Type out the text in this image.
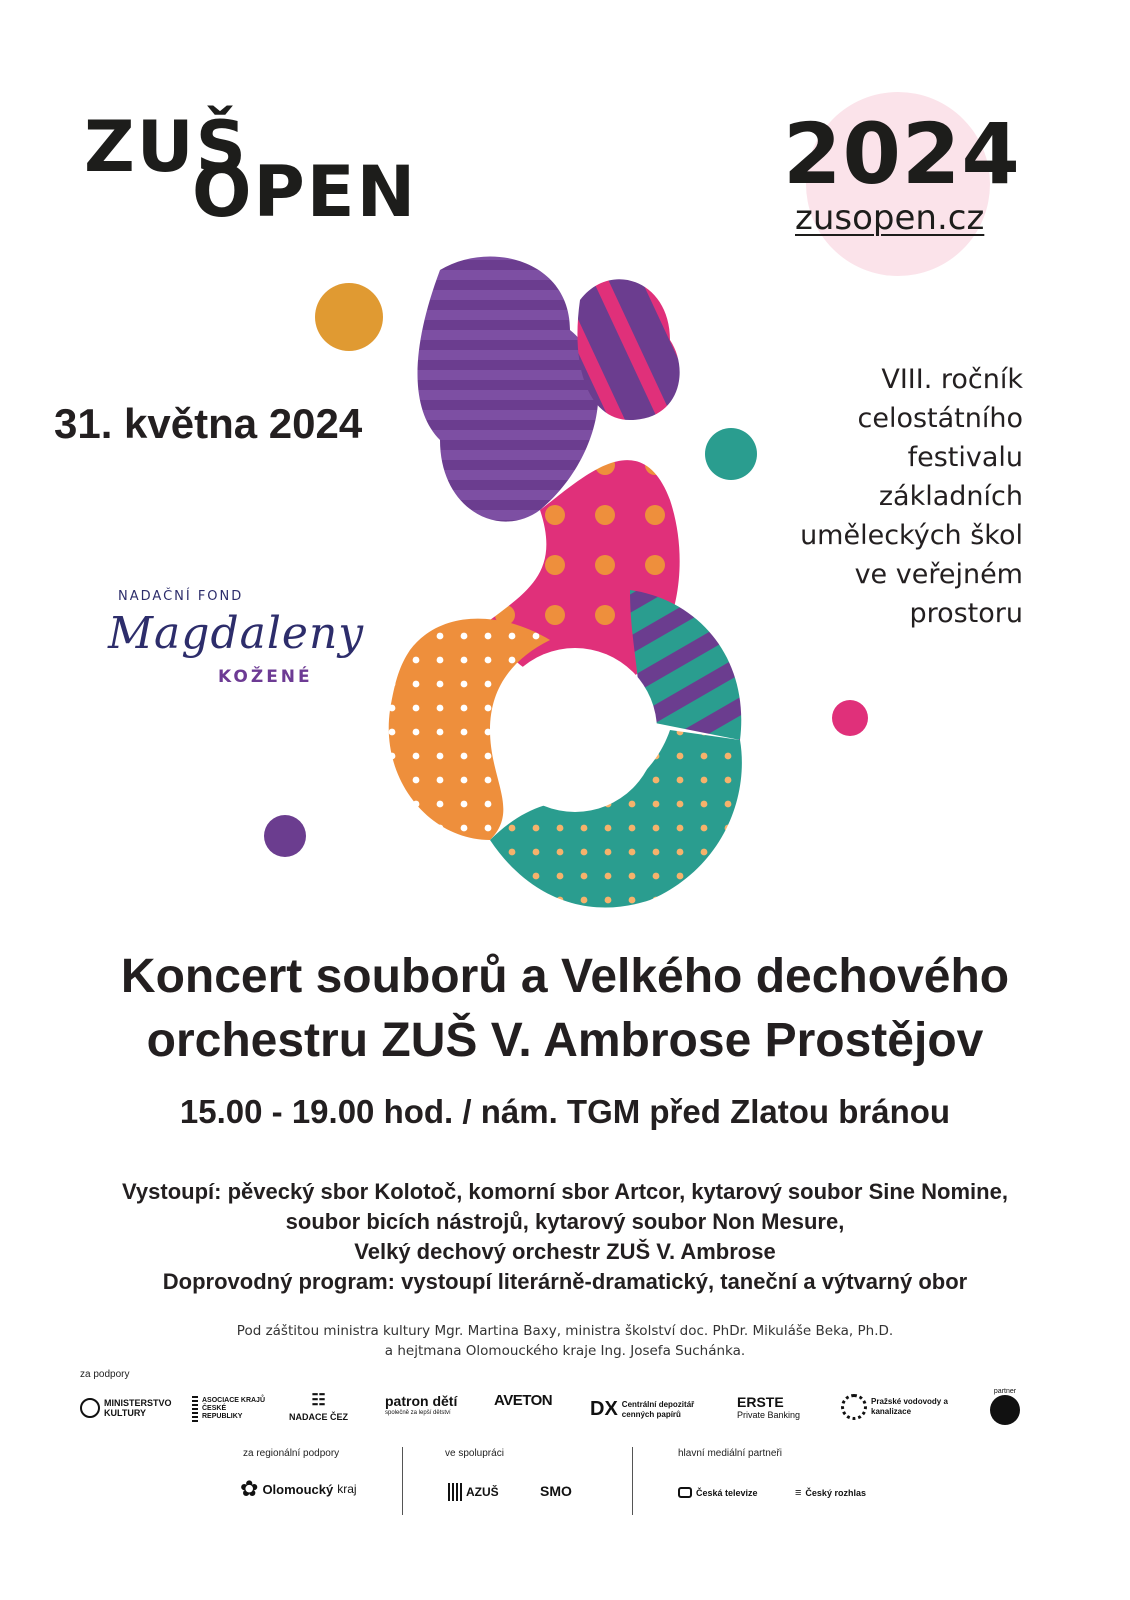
ZUŠ
OPEN	2024
zusopen.cz
31. května 2024
VIII. ročník
celostátního
festivalu
základních
uměleckých škol
ve veřejném
prostoru
NADAČNÍ FOND
Magdaleny
KOŽENÉ
Koncert souborů a Velkého dechového
orchestru ZUŠ V. Ambrose Prostějov
15.00 - 19.00 hod. / nám. TGM před Zlatou bránou
Vystoupí: pěvecký sbor Kolotoč, komorní sbor Artcor, kytarový soubor Sine Nomine,
soubor bicích nástrojů, kytarový soubor Non Mesure,
Velký dechový orchestr ZUŠ V. Ambrose
Doprovodný program: vystoupí literárně-dramatický, taneční a výtvarný obor
Pod záštitou ministra kultury Mgr. Martina Baxy, ministra školství doc. PhDr. Mikuláše Beka, Ph.D.
a hejtmana Olomouckého kraje Ing. Josefa Suchánka.
za podpory
MINISTERSTVO KULTURY
ASOCIACE KRAJŮ ČESKÉ REPUBLIKY
☷
NADACE ČEZ
patron dětí
společně za lepší dětství
AVETON DX Centrální depozitář cenných papírů
ERSTE
Private Banking
Pražské vodovody a kanalizace
partner
za regionální podpory
✿ Olomoucký kraj
ve spolupráci
AZUŠ	SMO
hlavní mediální partneři
Česká televize	≡ Český rozhlas
